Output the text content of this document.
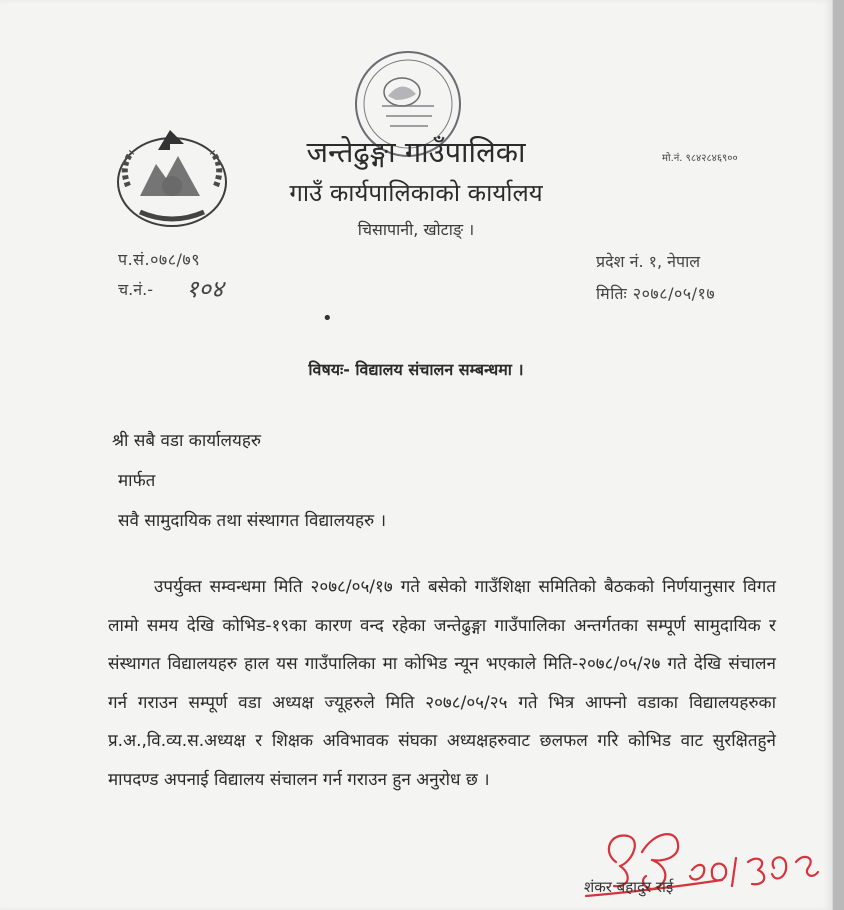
जन्तेढुङ्गा गाउँपालिका
गाउँ कार्यपालिकाको कार्यालय
चिसापानी, खोटाङ् ।
मो.नं. ९८४२८४६९००
प.सं.०७८/७९
च.नं.- १०४
प्रदेश नं. १, नेपाल
मितिः २०७८/०५/१७
•
विषयः- विद्यालय संचालन सम्बन्धमा ।
श्री सबै वडा कार्यालयहरु
मार्फत
सवै सामुदायिक तथा संस्थागत विद्यालयहरु ।
उपर्युक्त सम्वन्धमा मिति २०७८/०५/१७ गते बसेको गाउँशिक्षा समितिको बैठकको निर्णयानुसार विगत लामो समय देखि कोभिड-१९का कारण वन्द रहेका जन्तेढुङ्गा गाउँपालिका अन्तर्गतका सम्पूर्ण सामुदायिक र संस्थागत विद्यालयहरु हाल यस गाउँपालिका मा कोभिड न्यून भएकाले मिति-२०७८/०५/२७ गते देखि संचालन गर्न गराउन सम्पूर्ण वडा अध्यक्ष ज्यूहरुले मिति २०७८/०५/२५ गते भित्र आफ्नो वडाका विद्यालयहरुका प्र.अ.,वि.व्य.स.अध्यक्ष र शिक्षक अविभावक संघका अध्यक्षहरुवाट छलफल गरि कोभिड वाट सुरक्षितहुने मापदण्ड अपनाई विद्यालय संचालन गर्न गराउन हुन अनुरोध छ ।
शंकर बहादुर राई
